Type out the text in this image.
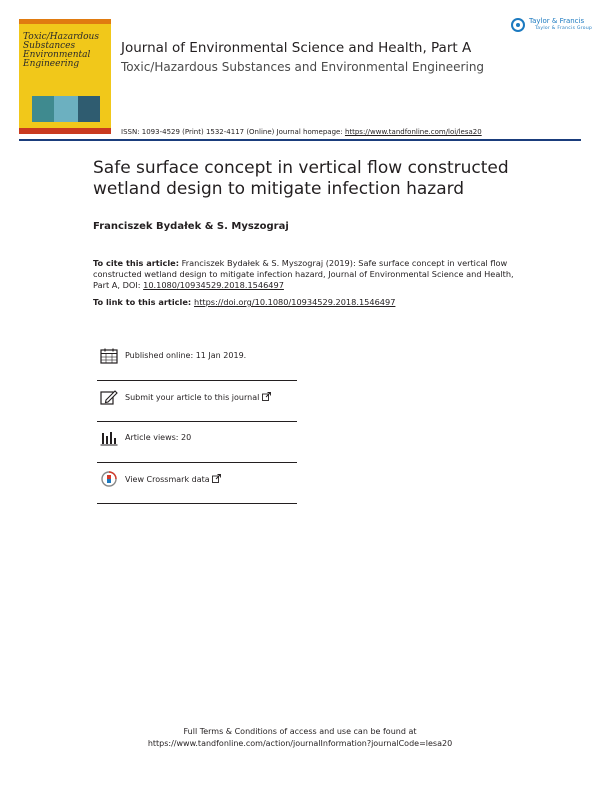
Toxic/Hazardous
Substances
Environmental
Engineering
Taylor & Francis
Taylor & Francis Group
Journal of Environmental Science and Health, Part A
Toxic/Hazardous Substances and Environmental Engineering
ISSN: 1093-4529 (Print) 1532-4117 (Online) Journal homepage: https://www.tandfonline.com/loi/lesa20
Safe surface concept in vertical flow constructed wetland design to mitigate infection hazard
Franciszek Bydałek & S. Myszograj
To cite this article: Franciszek Bydałek & S. Myszograj (2019): Safe surface concept in vertical flow constructed wetland design to mitigate infection hazard, Journal of Environmental Science and Health, Part A, DOI: 10.1080/10934529.2018.1546497
To link to this article: https://doi.org/10.1080/10934529.2018.1546497
Published online: 11 Jan 2019.
Submit your article to this journal
Article views: 20
View Crossmark data
Full Terms & Conditions of access and use can be found at
https://www.tandfonline.com/action/journalInformation?journalCode=lesa20
